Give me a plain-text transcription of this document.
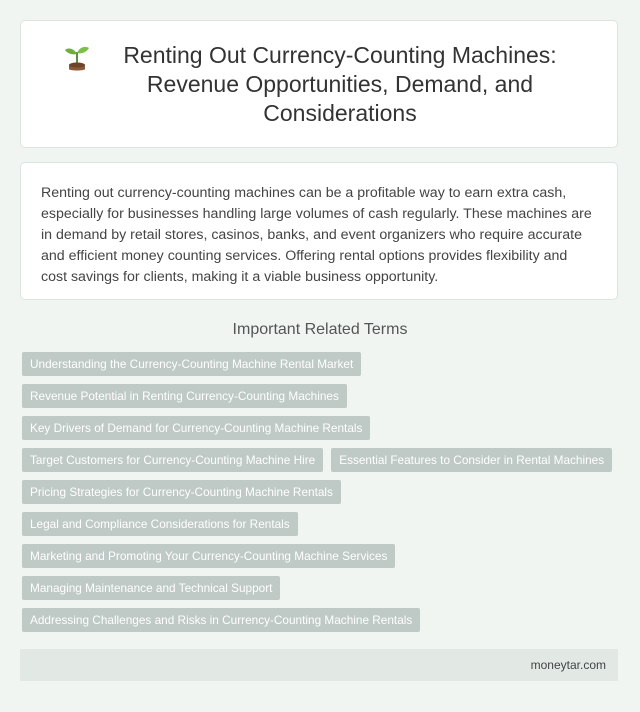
Renting Out Currency-Counting Machines: Revenue Opportunities, Demand, and Considerations

Renting out currency-counting machines can be a profitable way to earn extra cash, especially for businesses handling large volumes of cash regularly. These machines are in demand by retail stores, casinos, banks, and event organizers who require accurate and efficient money counting services. Offering rental options provides flexibility and cost savings for clients, making it a viable business opportunity.

Important Related Terms
Understanding the Currency-Counting Machine Rental Market
Revenue Potential in Renting Currency-Counting Machines
Key Drivers of Demand for Currency-Counting Machine Rentals
Target Customers for Currency-Counting Machine Hire	Essential Features to Consider in Rental Machines
Pricing Strategies for Currency-Counting Machine Rentals
Legal and Compliance Considerations for Rentals
Marketing and Promoting Your Currency-Counting Machine Services
Managing Maintenance and Technical Support
Addressing Challenges and Risks in Currency-Counting Machine Rentals
moneytar.com
